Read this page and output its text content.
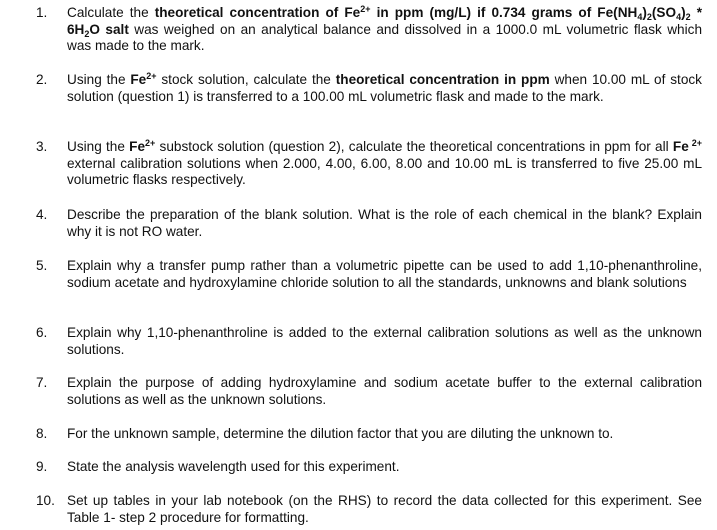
1.	Calculate the theoretical concentration of $Fe^{2+}$ in ppm (mg/L) if 0.734 grams of $Fe(NH_4)_2(SO_4)_2 * 6H_2O$ salt was weighed on an analytical balance and dissolved in a 1000.0 mL volumetric flask which was made to the mark.
2.	Using the $Fe^{2+}$ stock solution, calculate the theoretical concentration in ppm when 10.00 mL of stock solution (question 1) is transferred to a 100.00 mL volumetric flask and made to the mark.
3.	Using the $Fe^{2+}$ substock solution (question 2), calculate the theoretical concentrations in ppm for all Fe $^{2+}$ external calibration solutions when 2.000, 4.00, 6.00, 8.00 and 10.00 mL is transferred to five 25.00 mL volumetric flasks respectively.
4.	Describe the preparation of the blank solution. What is the role of each chemical in the blank? Explain why it is not RO water.
5.	Explain why a transfer pump rather than a volumetric pipette can be used to add 1,10-phenanthroline, sodium acetate and hydroxylamine chloride solution to all the standards, unknowns and blank solutions
6.	Explain why 1,10-phenanthroline is added to the external calibration solutions as well as the unknown solutions.
7.	Explain the purpose of adding hydroxylamine and sodium acetate buffer to the external calibration solutions as well as the unknown solutions.
8.	For the unknown sample, determine the dilution factor that you are diluting the unknown to.
9.	State the analysis wavelength used for this experiment.
10. Set up tables in your lab notebook (on the RHS) to record the data collected for this experiment. See Table 1- step 2 procedure for formatting.
